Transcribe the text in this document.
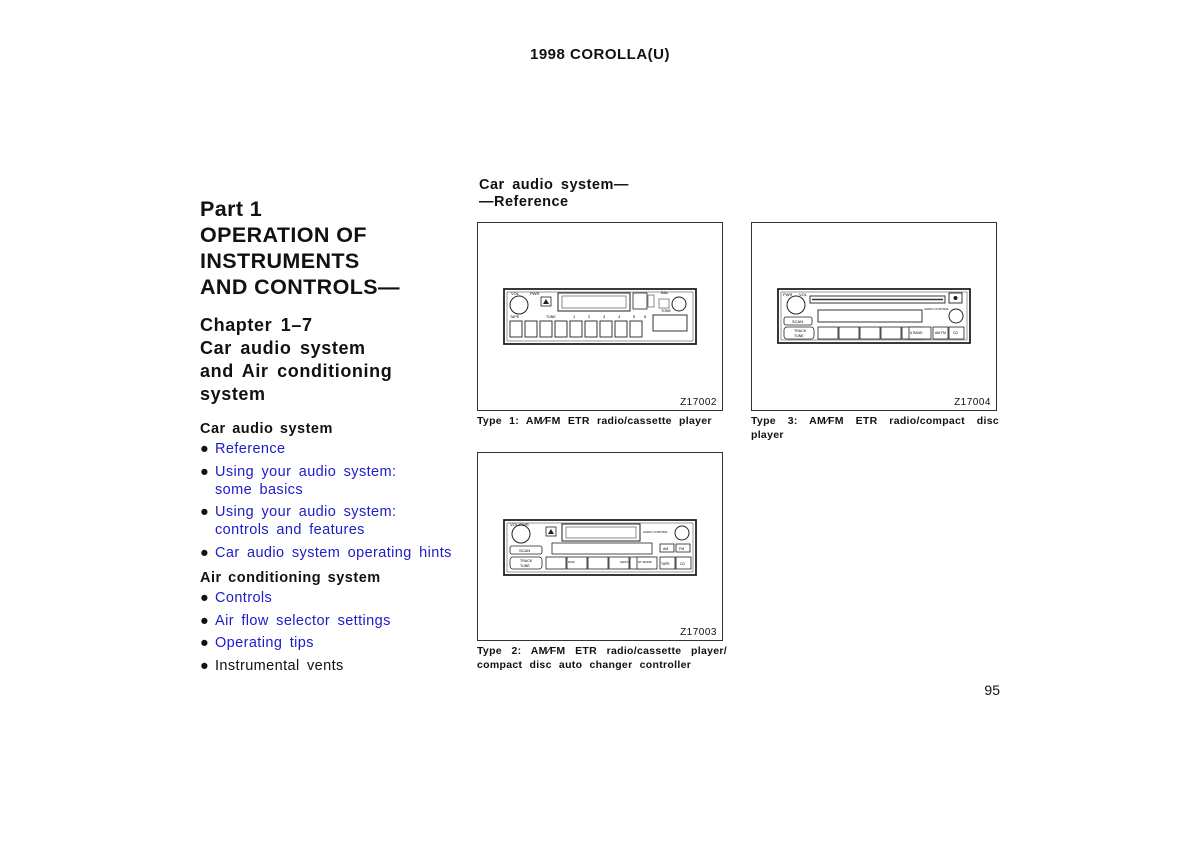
1998 COROLLA(U)
Part 1
OPERATION OF
INSTRUMENTS
AND CONTROLS—
Chapter 1–7
Car audio system
and Air conditioning
system
Car audio system
● Reference
● Using your audio system:
some basics
● Using your audio system:
controls and features
● Car audio system operating hints
Air conditioning system
● Controls
● Air flow selector settings
● Operating tips
● Instrumental vents
Car audio system—
—Reference
VOL	PWR	BAL
TONE
TAPE	TUNE	1	2	3	4	5 6
Z17002
Type 1: AM∕FM ETR radio/cassette player
PWR VOL
SCAN
TRACK
TUNE
6 RAND	AM FM CD
AUDIO CONTROL
Z17004
Type 3: AM∕FM ETR radio/compact disc player
VOL•PWR
AUDIO CONTROL
AM	FM
SCAN
TRACK
TUNE
DISC	SHIFT	ST MODE	TAPE	CD
Z17003
Type 2: AM∕FM ETR radio/cassette player/ compact disc auto changer controller
95
